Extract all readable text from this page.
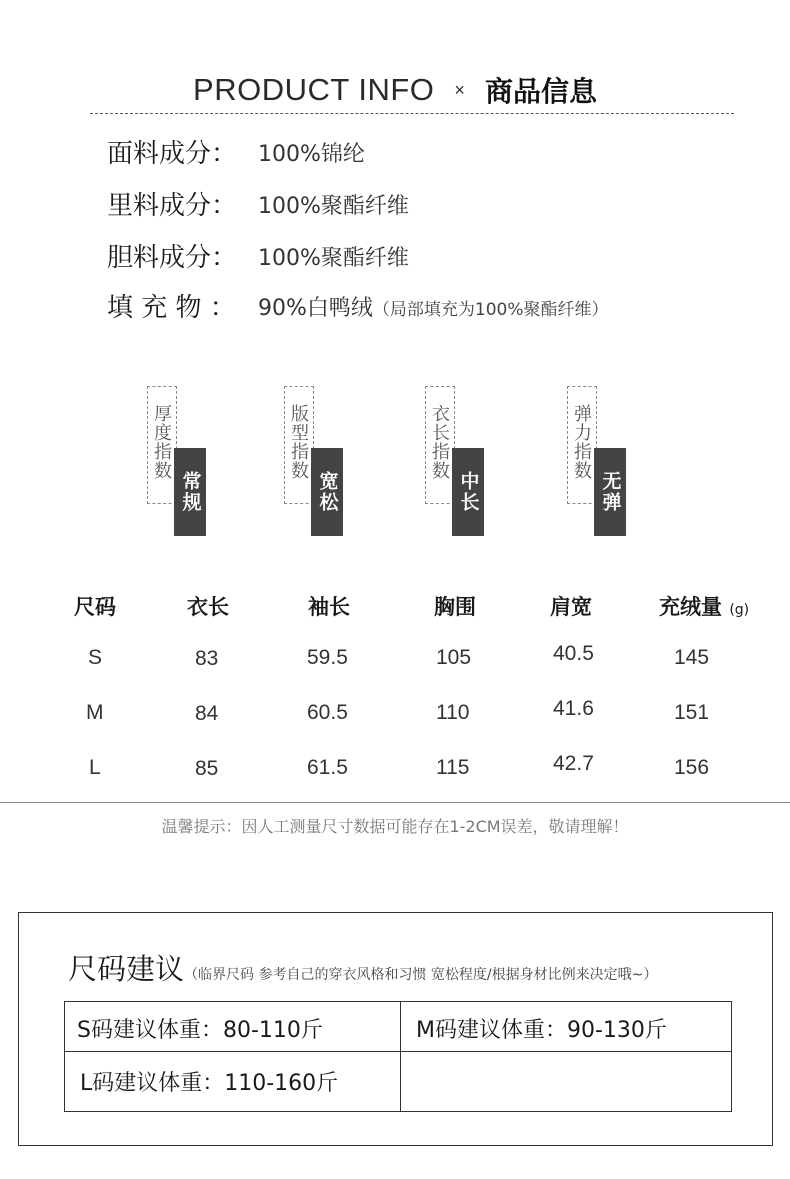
PRODUCT INFO × 商品信息
面料成分： 100%锦纶
里料成分： 100%聚酯纤维
胆料成分： 100%聚酯纤维
填 充 物 ： 90%白鸭绒（局部填充为100%聚酯纤维）
厚度指数 常规
版型指数 宽松
衣长指数 中长
弹力指数 无弹
尺码	衣长	袖长	胸围	肩宽	充绒量 (g)
S	83	59.5	105	40.5	145
M	84	60.5	110	41.6	151
L	85	61.5	115	42.7	156
温馨提示：因人工测量尺寸数据可能存在1-2CM误差，敬请理解！
尺码建议（临界尺码 参考自己的穿衣风格和习惯 宽松程度/根据身材比例来决定哦~）
S码建议体重：80-110斤	M码建议体重：90-130斤
L码建议体重：110-160斤
